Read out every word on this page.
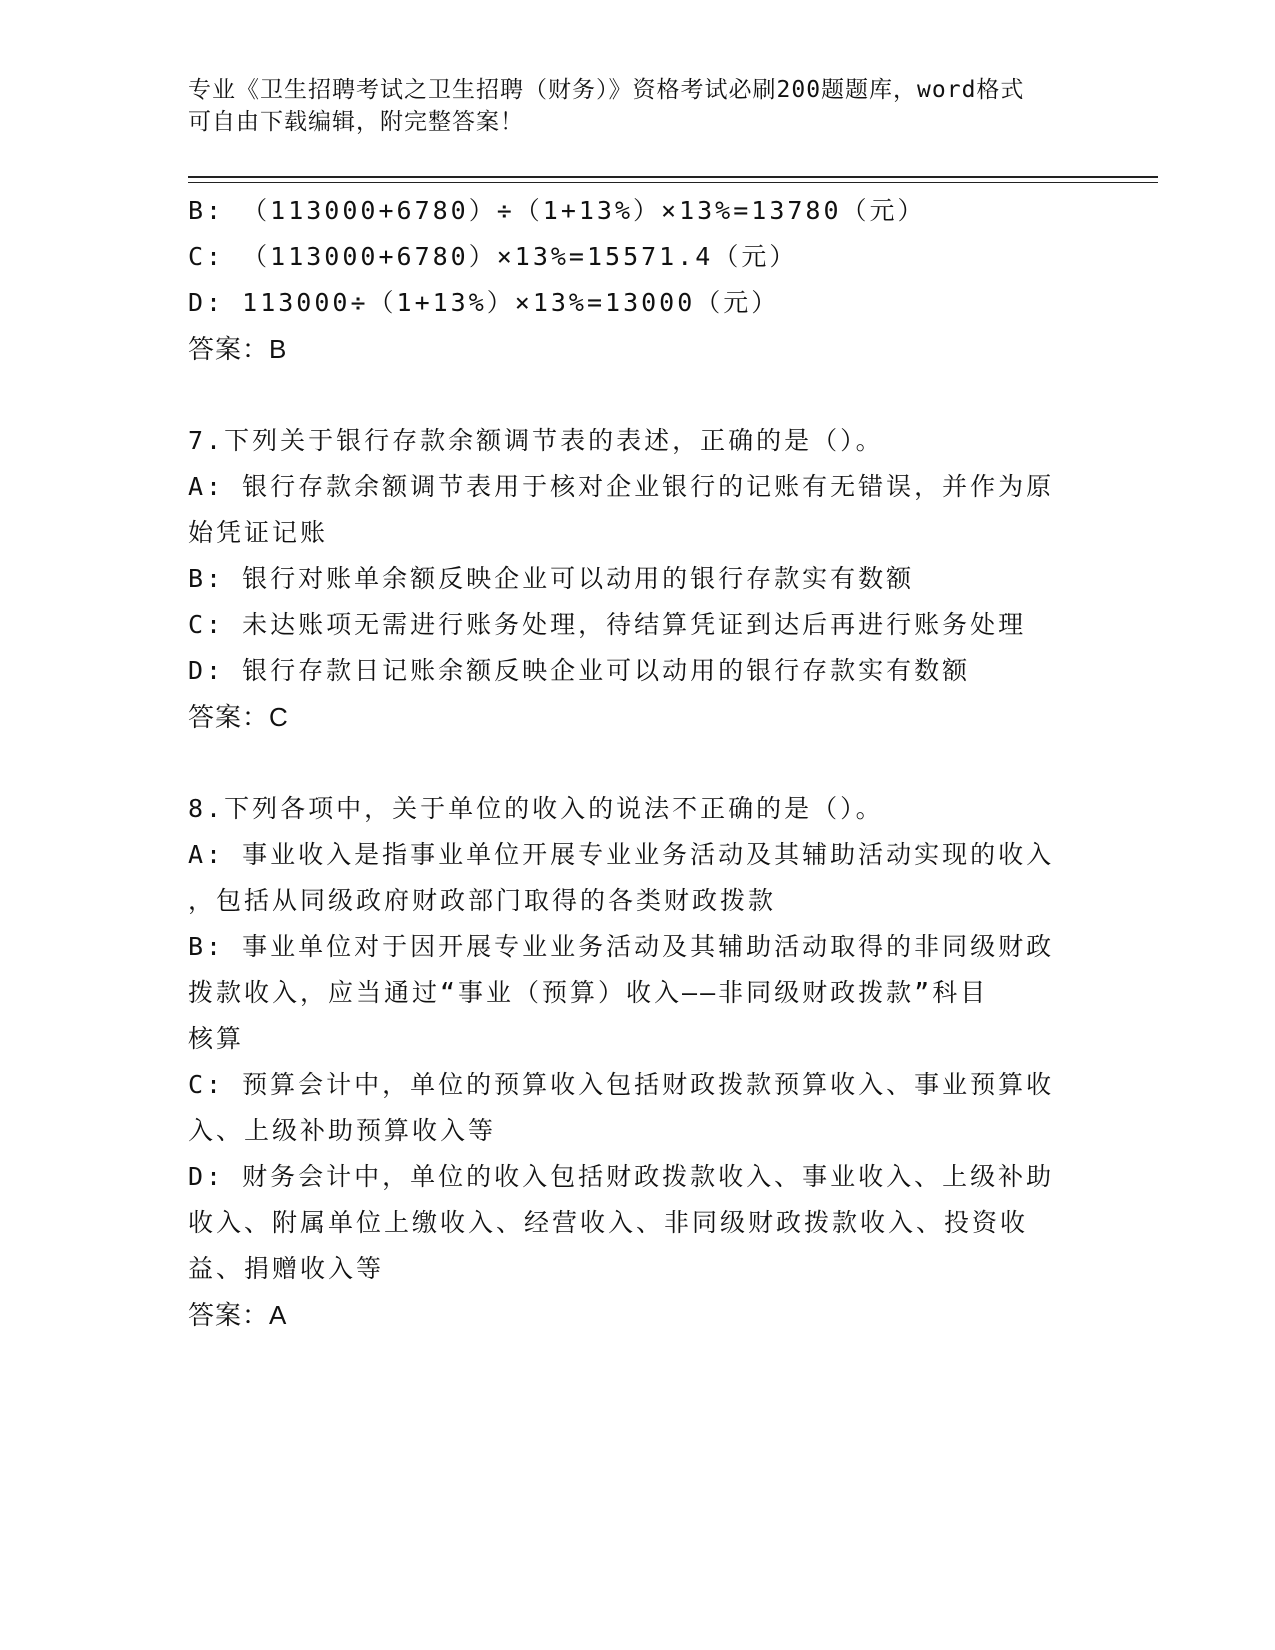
专业《卫生招聘考试之卫生招聘（财务）》资格考试必刷200题题库，word格式
可自由下载编辑，附完整答案！
B: （113000+6780）÷（1+13%）×13%=13780（元）
C: （113000+6780）×13%=15571.4（元）
D: 113000÷（1+13%）×13%=13000（元）
答案：B
7.下列关于银行存款余额调节表的表述，正确的是（）。
A: 银行存款余额调节表用于核对企业银行的记账有无错误，并作为原
始凭证记账
B: 银行对账单余额反映企业可以动用的银行存款实有数额
C: 未达账项无需进行账务处理，待结算凭证到达后再进行账务处理
D: 银行存款日记账余额反映企业可以动用的银行存款实有数额
答案：C
8.下列各项中，关于单位的收入的说法不正确的是（）。
A: 事业收入是指事业单位开展专业业务活动及其辅助活动实现的收入
，包括从同级政府财政部门取得的各类财政拨款
B: 事业单位对于因开展专业业务活动及其辅助活动取得的非同级财政
拨款收入，应当通过“事业（预算）收入——非同级财政拨款”科目
核算
C: 预算会计中，单位的预算收入包括财政拨款预算收入、事业预算收
入、上级补助预算收入等
D: 财务会计中，单位的收入包括财政拨款收入、事业收入、上级补助
收入、附属单位上缴收入、经营收入、非同级财政拨款收入、投资收
益、捐赠收入等
答案：A
